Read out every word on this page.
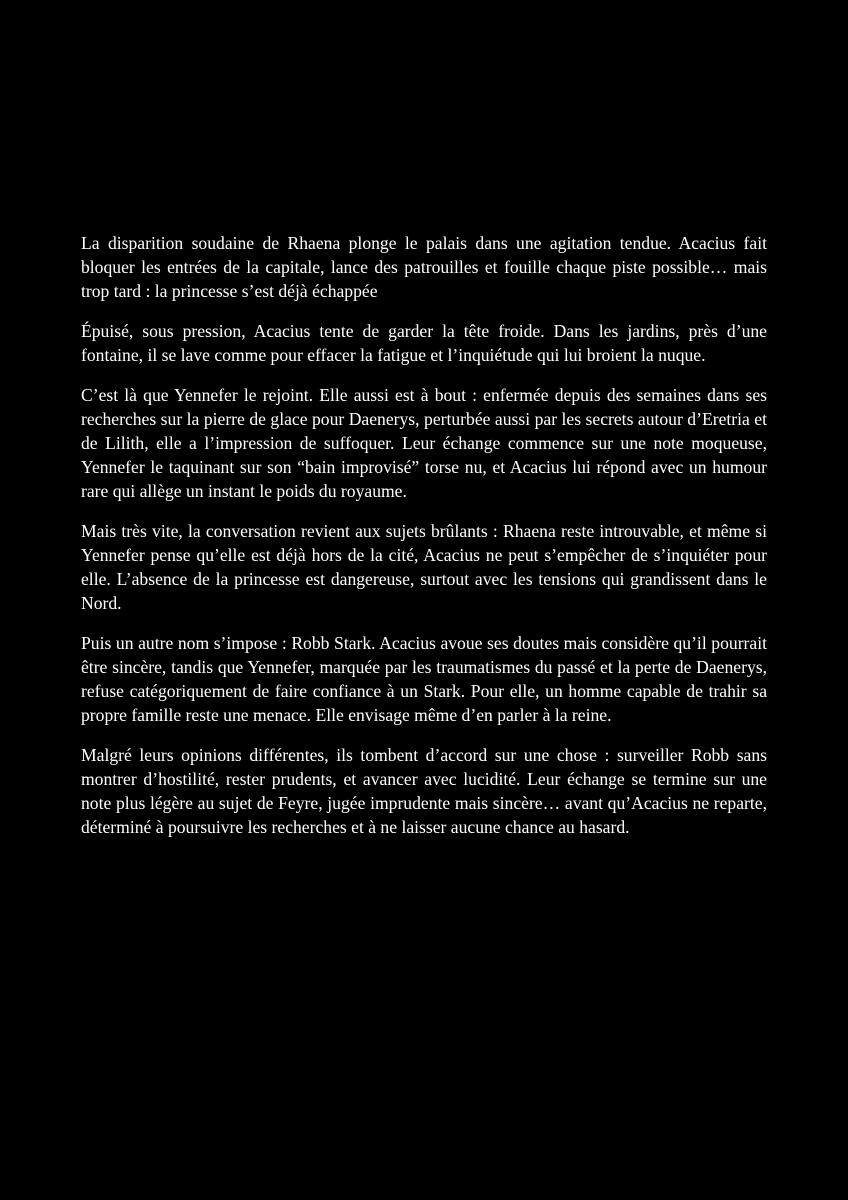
La disparition soudaine de Rhaena plonge le palais dans une agitation tendue. Acacius fait bloquer les entrées de la capitale, lance des patrouilles et fouille chaque piste possible… mais trop tard : la princesse s’est déjà échappée

Épuisé, sous pression, Acacius tente de garder la tête froide. Dans les jardins, près d’une fontaine, il se lave comme pour effacer la fatigue et l’inquiétude qui lui broient la nuque.

C’est là que Yennefer le rejoint. Elle aussi est à bout : enfermée depuis des semaines dans ses recherches sur la pierre de glace pour Daenerys, perturbée aussi par les secrets autour d’Eretria et de Lilith, elle a l’impression de suffoquer. Leur échange commence sur une note moqueuse, Yennefer le taquinant sur son “bain improvisé” torse nu, et Acacius lui répond avec un humour rare qui allège un instant le poids du royaume.

Mais très vite, la conversation revient aux sujets brûlants : Rhaena reste introuvable, et même si Yennefer pense qu’elle est déjà hors de la cité, Acacius ne peut s’empêcher de s’inquiéter pour elle. L’absence de la princesse est dangereuse, surtout avec les tensions qui grandissent dans le Nord.

Puis un autre nom s’impose : Robb Stark. Acacius avoue ses doutes mais considère qu’il pourrait être sincère, tandis que Yennefer, marquée par les traumatismes du passé et la perte de Daenerys, refuse catégoriquement de faire confiance à un Stark. Pour elle, un homme capable de trahir sa propre famille reste une menace. Elle envisage même d’en parler à la reine.

Malgré leurs opinions différentes, ils tombent d’accord sur une chose : surveiller Robb sans montrer d’hostilité, rester prudents, et avancer avec lucidité. Leur échange se termine sur une note plus légère au sujet de Feyre, jugée imprudente mais sincère… avant qu’Acacius ne reparte, déterminé à poursuivre les recherches et à ne laisser aucune chance au hasard.
